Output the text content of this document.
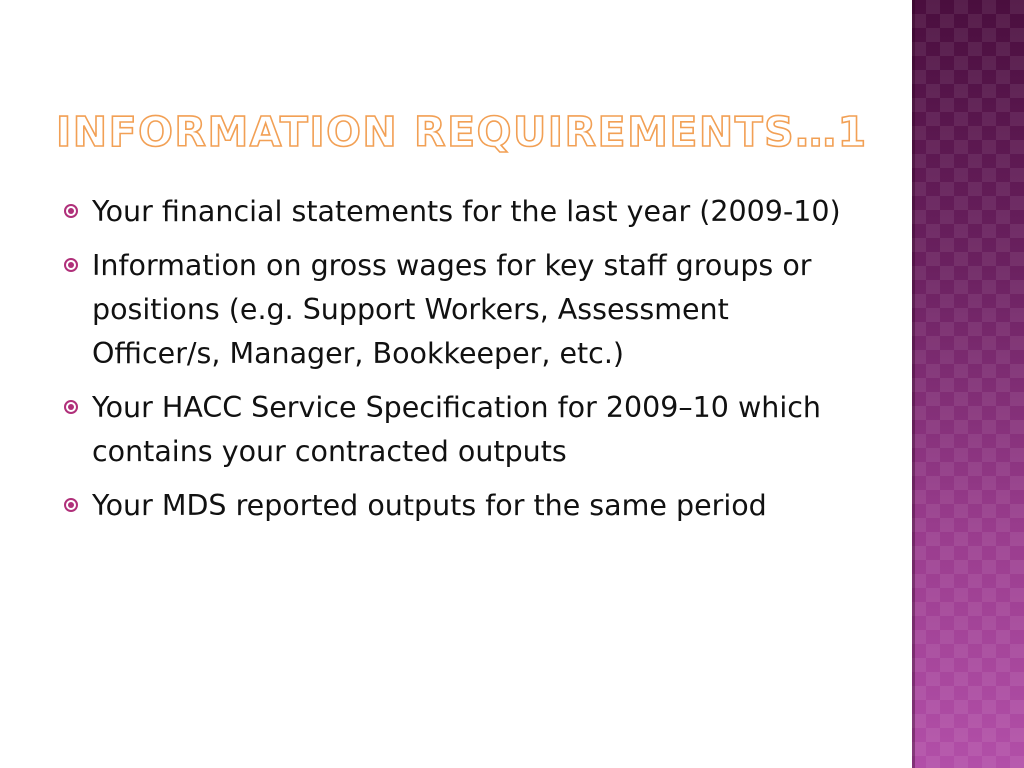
INFORMATION REQUIREMENTS…1
Your financial statements for the last year (2009-10)
Information on gross wages for key staff groups or positions (e.g. Support Workers, Assessment Officer/s, Manager, Bookkeeper, etc.)
Your HACC Service Specification for 2009–10 which contains your contracted outputs
Your MDS reported outputs for the same period
